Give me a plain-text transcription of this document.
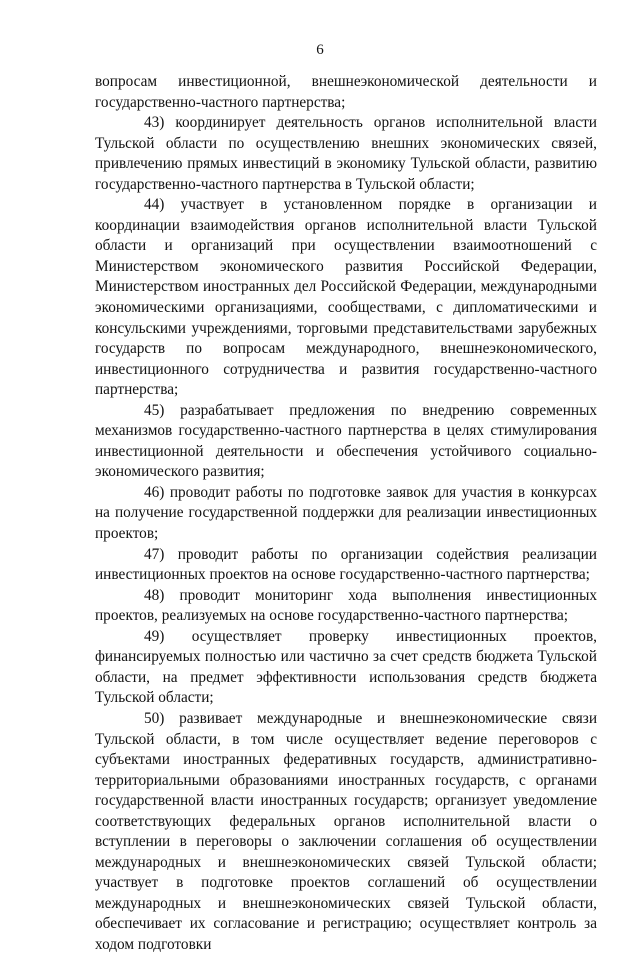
6

вопросам инвестиционной, внешнеэкономической деятельности и государственно-частного партнерства;

43) координирует деятельность органов исполнительной власти Тульской области по осуществлению внешних экономических связей, привлечению прямых инвестиций в экономику Тульской области, развитию государственно-частного партнерства в Тульской области;

44) участвует в установленном порядке в организации и координации взаимодействия органов исполнительной власти Тульской области и организаций при осуществлении взаимоотношений с Министерством экономического развития Российской Федерации, Министерством иностранных дел Российской Федерации, международными экономическими организациями, сообществами, с дипломатическими и консульскими учреждениями, торговыми представительствами зарубежных государств по вопросам международного, внешнеэкономического, инвестиционного сотрудничества и развития государственно-частного партнерства;

45) разрабатывает предложения по внедрению современных механизмов государственно-частного партнерства в целях стимулирования инвестиционной деятельности и обеспечения устойчивого социально-экономического развития;

46) проводит работы по подготовке заявок для участия в конкурсах на получение государственной поддержки для реализации инвестиционных проектов;

47) проводит работы по организации содействия реализации инвестиционных проектов на основе государственно-частного партнерства;

48) проводит мониторинг хода выполнения инвестиционных проектов, реализуемых на основе государственно-частного партнерства;

49) осуществляет проверку инвестиционных проектов, финансируемых полностью или частично за счет средств бюджета Тульской области, на предмет эффективности использования средств бюджета Тульской области;

50) развивает международные и внешнеэкономические связи Тульской области, в том числе осуществляет ведение переговоров с субъектами иностранных федеративных государств, административно-территориальными образованиями иностранных государств, с органами государственной власти иностранных государств; организует уведомление соответствующих федеральных органов исполнительной власти о вступлении в переговоры о заключении соглашения об осуществлении международных и внешнеэкономических связей Тульской области; участвует в подготовке проектов соглашений об осуществлении международных и внешнеэкономических связей Тульской области, обеспечивает их согласование и регистрацию; осуществляет контроль за ходом подготовки
